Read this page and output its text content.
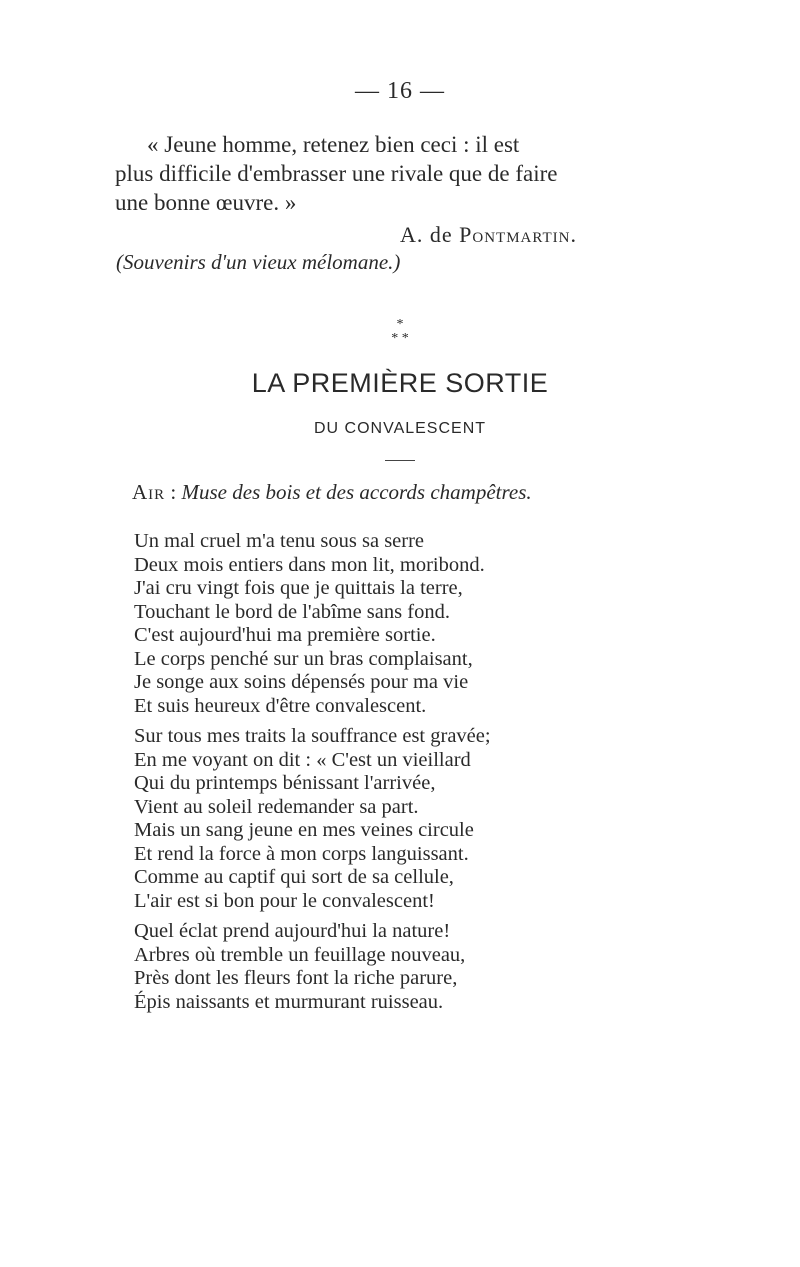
— 16 —

« Jeune homme, retenez bien ceci : il est

plus difficile d'embrasser une rivale que de faire

une bonne œuvre. »

A. de Pontmartin.
(Souvenirs d'un vieux mélomane.)
*
* *
LA PREMIÈRE SORTIE
DU CONVALESCENT
Air : Muse des bois et des accords champêtres.
Un mal cruel m'a tenu sous sa serre
Deux mois entiers dans mon lit, moribond.
J'ai cru vingt fois que je quittais la terre,
Touchant le bord de l'abîme sans fond.
C'est aujourd'hui ma première sortie.
Le corps penché sur un bras complaisant,
Je songe aux soins dépensés pour ma vie
Et suis heureux d'être convalescent.
Sur tous mes traits la souffrance est gravée;
En me voyant on dit : « C'est un vieillard
Qui du printemps bénissant l'arrivée,
Vient au soleil redemander sa part.
Mais un sang jeune en mes veines circule
Et rend la force à mon corps languissant.
Comme au captif qui sort de sa cellule,
L'air est si bon pour le convalescent!
Quel éclat prend aujourd'hui la nature!
Arbres où tremble un feuillage nouveau,
Près dont les fleurs font la riche parure,
Épis naissants et murmurant ruisseau.
